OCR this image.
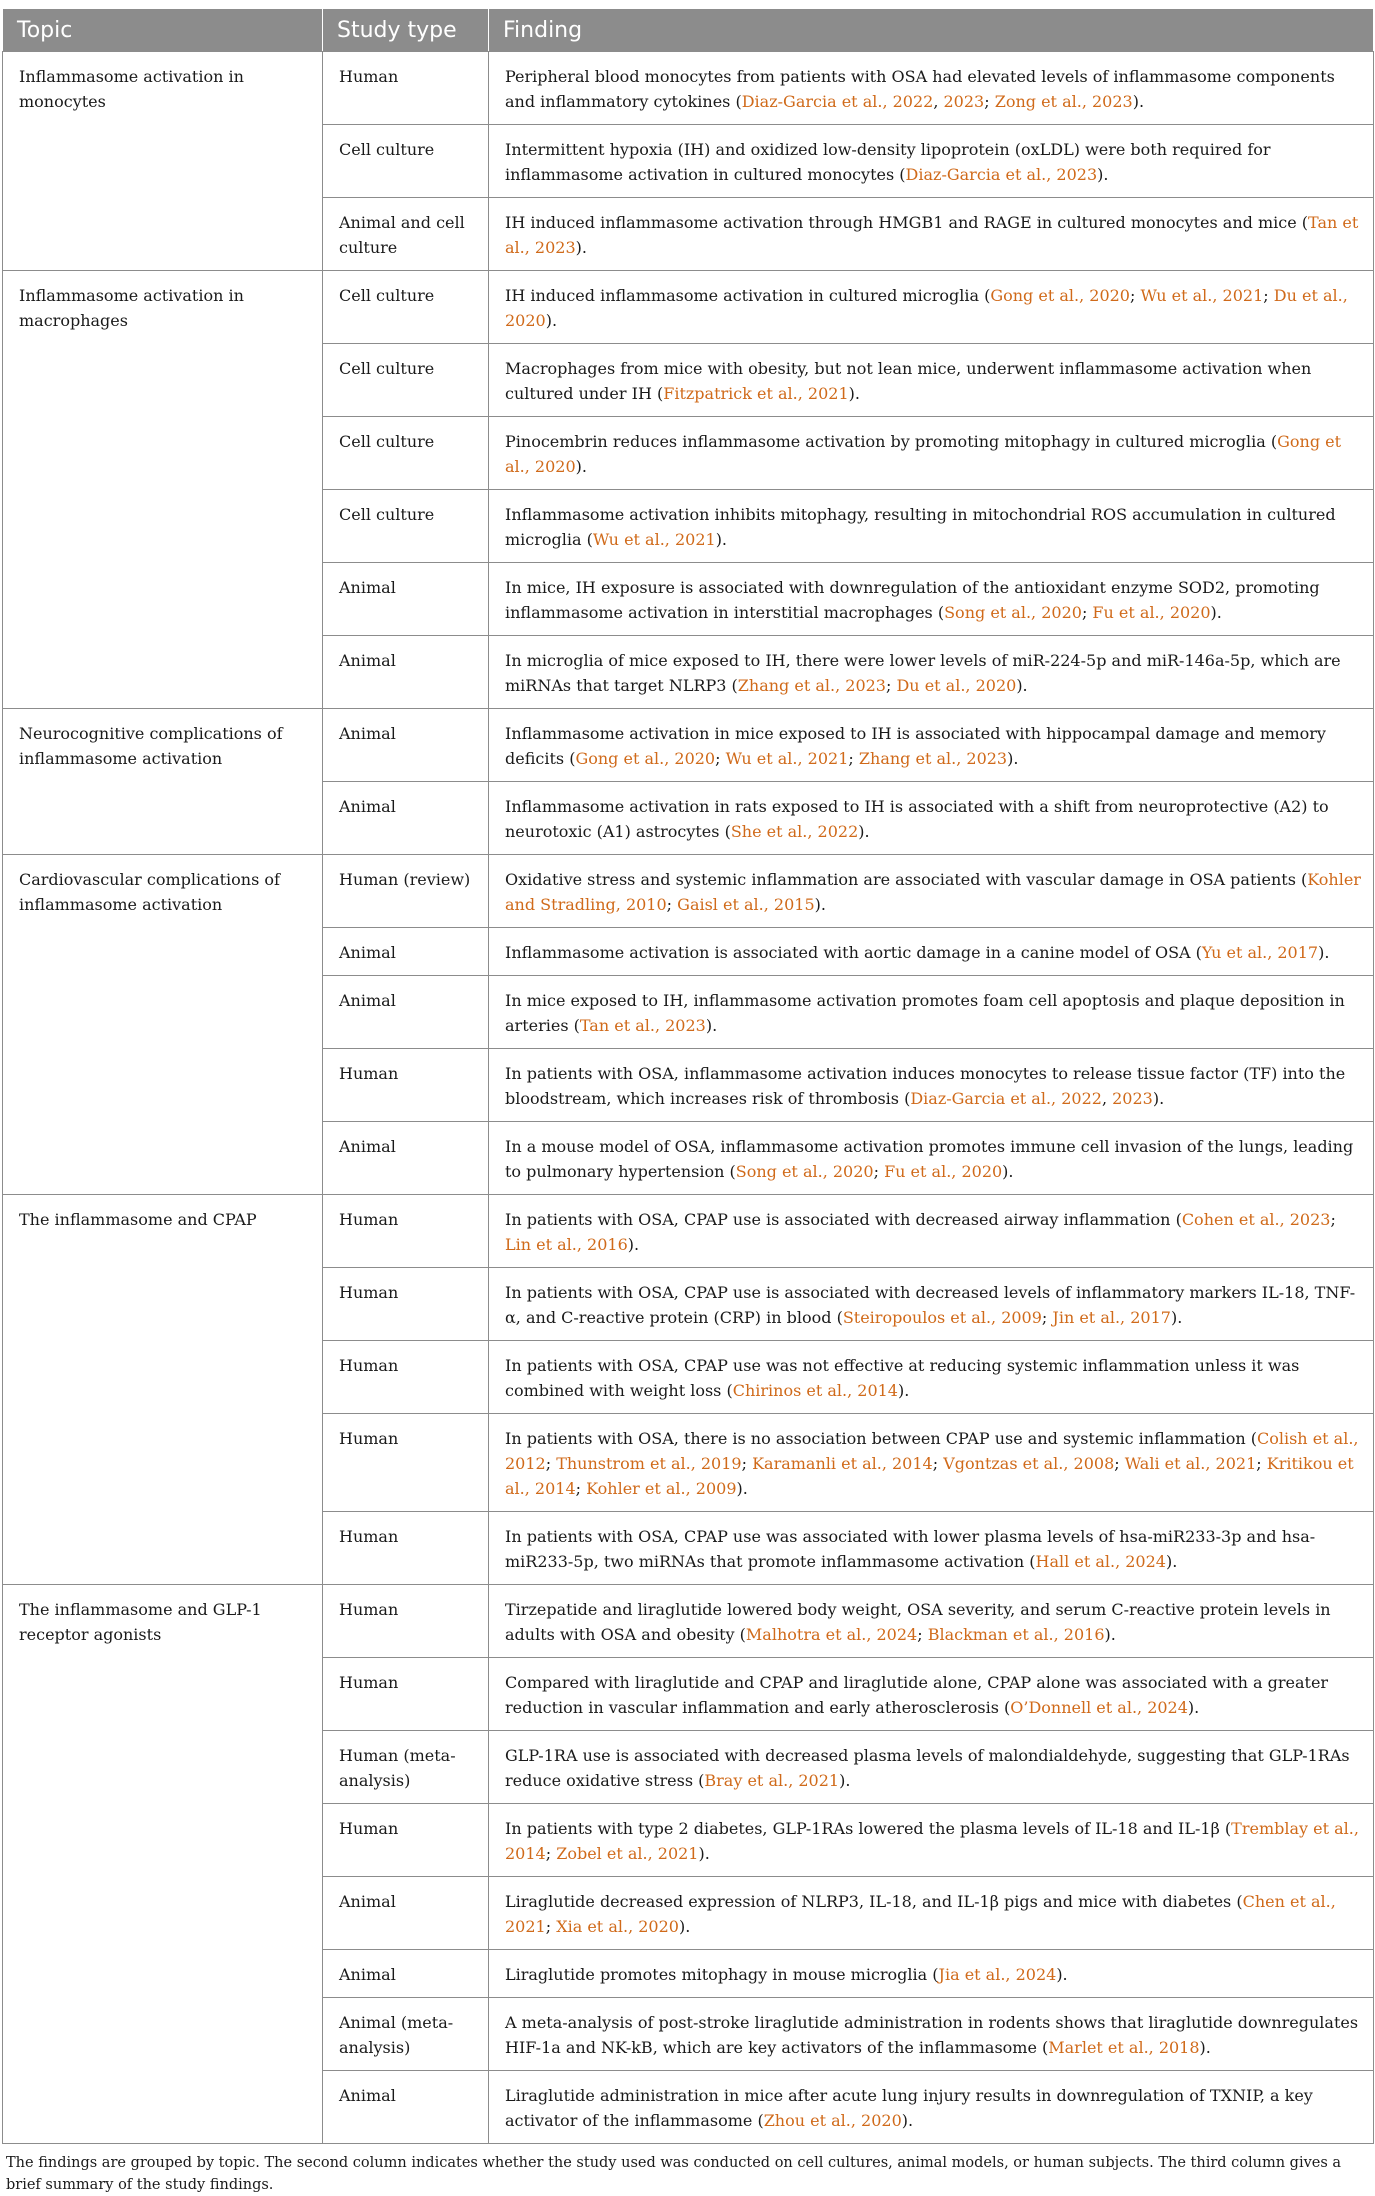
Topic	Study type	Finding
Inflammasome activation in monocytes	Human	Peripheral blood monocytes from patients with OSA had elevated levels of inflammasome components and inflammatory cytokines (Diaz-Garcia et al., 2022, 2023; Zong et al., 2023).
	Cell culture	Intermittent hypoxia (IH) and oxidized low-density lipoprotein (oxLDL) were both required for inflammasome activation in cultured monocytes (Diaz-Garcia et al., 2023).
	Animal and cell culture	IH induced inflammasome activation through HMGB1 and RAGE in cultured monocytes and mice (Tan et al., 2023).
Inflammasome activation in macrophages	Cell culture	IH induced inflammasome activation in cultured microglia (Gong et al., 2020; Wu et al., 2021; Du et al., 2020).
	Cell culture	Macrophages from mice with obesity, but not lean mice, underwent inflammasome activation when cultured under IH (Fitzpatrick et al., 2021).
	Cell culture	Pinocembrin reduces inflammasome activation by promoting mitophagy in cultured microglia (Gong et al., 2020).
	Cell culture	Inflammasome activation inhibits mitophagy, resulting in mitochondrial ROS accumulation in cultured microglia (Wu et al., 2021).
	Animal	In mice, IH exposure is associated with downregulation of the antioxidant enzyme SOD2, promoting inflammasome activation in interstitial macrophages (Song et al., 2020; Fu et al., 2020).
	Animal	In microglia of mice exposed to IH, there were lower levels of miR-224-5p and miR-146a-5p, which are miRNAs that target NLRP3 (Zhang et al., 2023; Du et al., 2020).
Neurocognitive complications of inflammasome activation	Animal	Inflammasome activation in mice exposed to IH is associated with hippocampal damage and memory deficits (Gong et al., 2020; Wu et al., 2021; Zhang et al., 2023).
	Animal	Inflammasome activation in rats exposed to IH is associated with a shift from neuroprotective (A2) to neurotoxic (A1) astrocytes (She et al., 2022).
Cardiovascular complications of inflammasome activation	Human (review)	Oxidative stress and systemic inflammation are associated with vascular damage in OSA patients (Kohler and Stradling, 2010; Gaisl et al., 2015).
	Animal	Inflammasome activation is associated with aortic damage in a canine model of OSA (Yu et al., 2017).
	Animal	In mice exposed to IH, inflammasome activation promotes foam cell apoptosis and plaque deposition in arteries (Tan et al., 2023).
	Human	In patients with OSA, inflammasome activation induces monocytes to release tissue factor (TF) into the bloodstream, which increases risk of thrombosis (Diaz-Garcia et al., 2022, 2023).
	Animal	In a mouse model of OSA, inflammasome activation promotes immune cell invasion of the lungs, leading to pulmonary hypertension (Song et al., 2020; Fu et al., 2020).
The inflammasome and CPAP	Human	In patients with OSA, CPAP use is associated with decreased airway inflammation (Cohen et al., 2023; Lin et al., 2016).
	Human	In patients with OSA, CPAP use is associated with decreased levels of inflammatory markers IL-18, TNF-α, and C-reactive protein (CRP) in blood (Steiropoulos et al., 2009; Jin et al., 2017).
	Human	In patients with OSA, CPAP use was not effective at reducing systemic inflammation unless it was combined with weight loss (Chirinos et al., 2014).
	Human	In patients with OSA, there is no association between CPAP use and systemic inflammation (Colish et al., 2012; Thunstrom et al., 2019; Karamanli et al., 2014; Vgontzas et al., 2008; Wali et al., 2021; Kritikou et al., 2014; Kohler et al., 2009).
	Human	In patients with OSA, CPAP use was associated with lower plasma levels of hsa-miR233-3p and hsa-miR233-5p, two miRNAs that promote inflammasome activation (Hall et al., 2024).
The inflammasome and GLP-1 receptor agonists	Human	Tirzepatide and liraglutide lowered body weight, OSA severity, and serum C-reactive protein levels in adults with OSA and obesity (Malhotra et al., 2024; Blackman et al., 2016).
	Human	Compared with liraglutide and CPAP and liraglutide alone, CPAP alone was associated with a greater reduction in vascular inflammation and early atherosclerosis (O’Donnell et al., 2024).
	Human (meta-analysis)	GLP-1RA use is associated with decreased plasma levels of malondialdehyde, suggesting that GLP-1RAs reduce oxidative stress (Bray et al., 2021).
	Human	In patients with type 2 diabetes, GLP-1RAs lowered the plasma levels of IL-18 and IL-1β (Tremblay et al., 2014; Zobel et al., 2021).
	Animal	Liraglutide decreased expression of NLRP3, IL-18, and IL-1β pigs and mice with diabetes (Chen et al., 2021; Xia et al., 2020).
	Animal	Liraglutide promotes mitophagy in mouse microglia (Jia et al., 2024).
	Animal (meta-analysis)	A meta-analysis of post-stroke liraglutide administration in rodents shows that liraglutide downregulates HIF-1a and NK-kB, which are key activators of the inflammasome (Marlet et al., 2018).
	Animal	Liraglutide administration in mice after acute lung injury results in downregulation of TXNIP, a key activator of the inflammasome (Zhou et al., 2020).

The findings are grouped by topic. The second column indicates whether the study used was conducted on cell cultures, animal models, or human subjects. The third column gives a brief summary of the study findings.
